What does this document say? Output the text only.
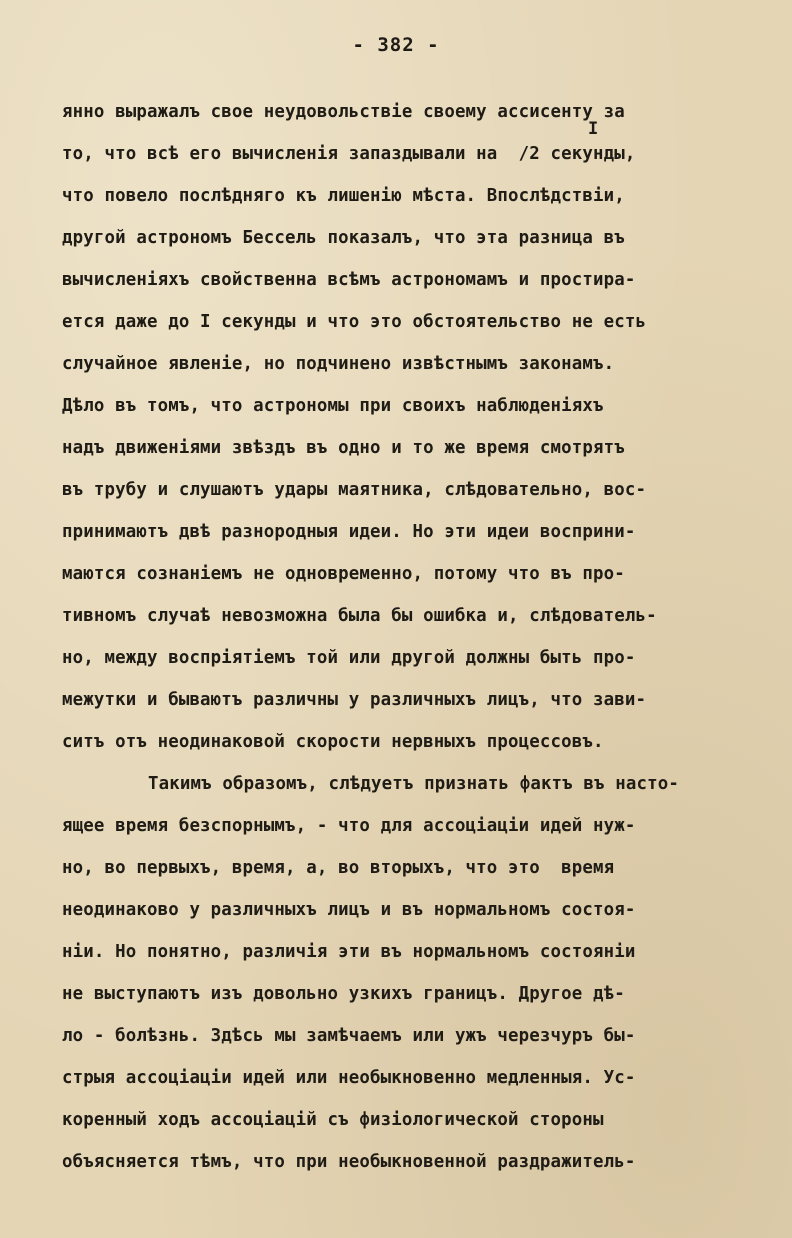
- 382 -
I
янно выражалъ свое неудовольствіе своему ассисенту за
то, что всѣ его вычисленія запаздывали на  /2 секунды,
что повело послѣдняго къ лишенію мѣста. Впослѣдствіи,
другой астрономъ Бессель показалъ, что эта разница въ
вычисленіяхъ свойственна всѣмъ астрономамъ и простира-
ется даже до I секунды и что это обстоятельство не есть
случайное явленіе, но подчинено извѣстнымъ законамъ.
Дѣло въ томъ, что астрономы при своихъ наблюденіяхъ
надъ движеніями звѣздъ въ одно и то же время смотрятъ
въ трубу и слушаютъ удары маятника, слѣдовательно, вос-
принимаютъ двѣ разнородныя идеи. Но эти идеи восприни-
маются сознаніемъ не одновременно, потому что въ про-
тивномъ случаѣ невозможна была бы ошибка и, слѣдователь-
но, между воспріятіемъ той или другой должны быть про-
межутки и бываютъ различны у различныхъ лицъ, что зави-
ситъ отъ неодинаковой скорости нервныхъ процессовъ.
Такимъ образомъ, слѣдуетъ признать фактъ въ насто-
ящее время безспорнымъ, - что для ассоціаціи идей нуж-
но, во первыхъ, время, а, во вторыхъ, что это  время
неодинаково у различныхъ лицъ и въ нормальномъ состоя-
ніи. Но понятно, различія эти въ нормальномъ состояніи
не выступаютъ изъ довольно узкихъ границъ. Другое дѣ-
ло - болѣзнь. Здѣсь мы замѣчаемъ или ужъ черезчуръ бы-
стрыя ассоціаціи идей или необыкновенно медленныя. Ус-
коренный ходъ ассоціацій съ физіологической стороны
объясняется тѣмъ, что при необыкновенной раздражитель-
